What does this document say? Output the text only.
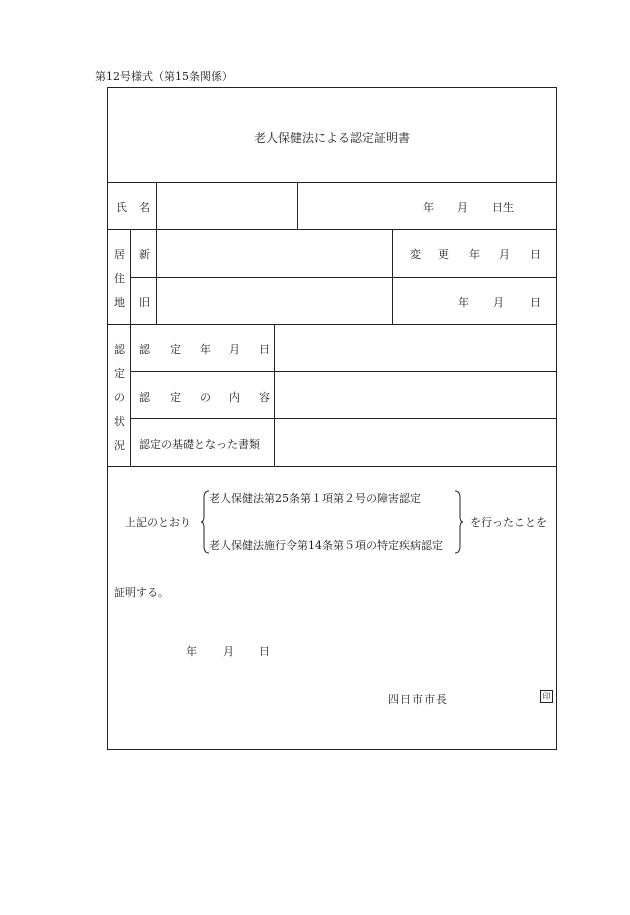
第12号様式（第15条関係）
老人保健法による認定証明書
氏 名	年 月 日生
居
住
地
新
旧
変 更 年 月 日
年 月 日
認
定
の
状
況
認 定 年 月 日
認 定 の 内 容
認定の基礎となった書類
上記のとおり
老人保健法第25条第１項第２号の障害認定
老人保健法施行令第14条第５項の特定疾病認定
を行ったことを
証明する。
年 月 日
四日市市長	印
